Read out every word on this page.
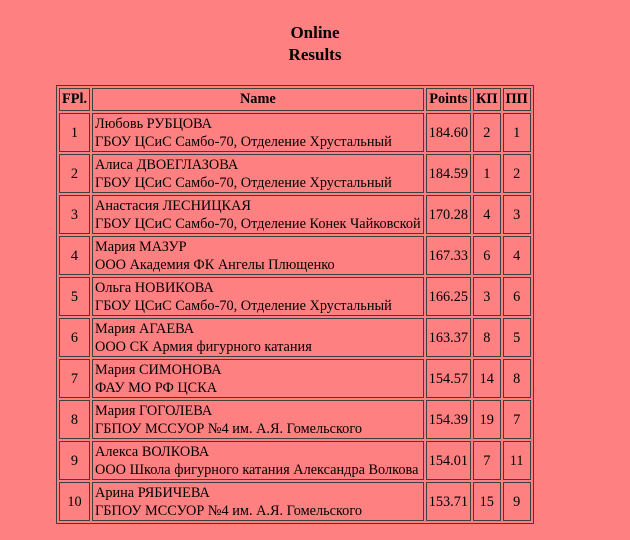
Online
Results
FPl.	Name	Points	КП	ПП
1	Любовь РУБЦОВА
ГБОУ ЦСиС Самбо-70, Отделение Хрустальный	184.60	2	1
2	Алиса ДВОЕГЛАЗОВА
ГБОУ ЦСиС Самбо-70, Отделение Хрустальный	184.59	1	2
3	Анастасия ЛЕСНИЦКАЯ
ГБОУ ЦСиС Самбо-70, Отделение Конек Чайковской	170.28	4	3
4	Мария МАЗУР
ООО Академия ФК Ангелы Плющенко	167.33	6	4
5	Ольга НОВИКОВА
ГБОУ ЦСиС Самбо-70, Отделение Хрустальный	166.25	3	6
6	Мария АГАЕВА
ООО СК Армия фигурного катания	163.37	8	5
7	Мария СИМОНОВА
ФАУ МО РФ ЦСКА	154.57	14	8
8	Мария ГОГОЛЕВА
ГБПОУ МССУОР №4 им. А.Я. Гомельского	154.39	19	7
9	Алекса ВОЛКОВА
ООО Школа фигурного катания Александра Волкова	154.01	7	11
10	Арина РЯБИЧЕВА
ГБПОУ МССУОР №4 им. А.Я. Гомельского	153.71	15	9
